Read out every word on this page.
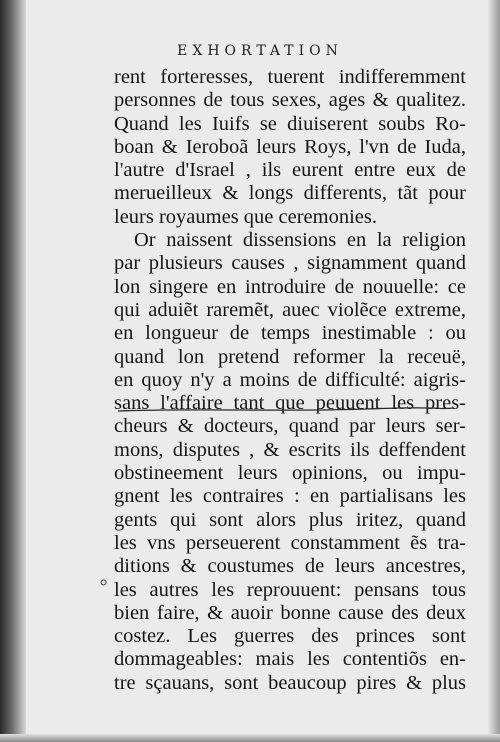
EXHORTATION
rent forteresses, tuerent indifferemment
personnes de tous sexes, ages & qualitez.
Quand les Iuifs se diuiserent soubs Ro-
boan & Ieroboã leurs Roys, l'vn de Iuda,
l'autre d'Israel , ils eurent entre eux de
merueilleux & longs differents, tãt pour
leurs royaumes que ceremonies.
Or naissent dissensions en la religion
par plusieurs causes , signamment quand
lon singere en introduire de nouuelle: ce
qui aduiẽt raremẽt, auec violẽce extreme,
en longueur de temps inestimable : ou
quand lon pretend reformer la receuë,
en quoy n'y a moins de difficulté: aigris-
sans l'affaire tant que peuuent les pres-
cheurs & docteurs, quand par leurs ser-
mons, disputes , & escrits ils deffendent
obstineement leurs opinions, ou impu-
gnent les contraires : en partialisans les
gents qui sont alors plus iritez, quand
les vns perseuerent constamment ẽs tra-
ditions & coustumes de leurs ancestres,
les autres les reprouuent: pensans tous
bien faire, & auoir bonne cause des deux
costez. Les guerres des princes sont
dommageables: mais les contentiõs en-
tre sçauans, sont beaucoup pires & plus
⸰
